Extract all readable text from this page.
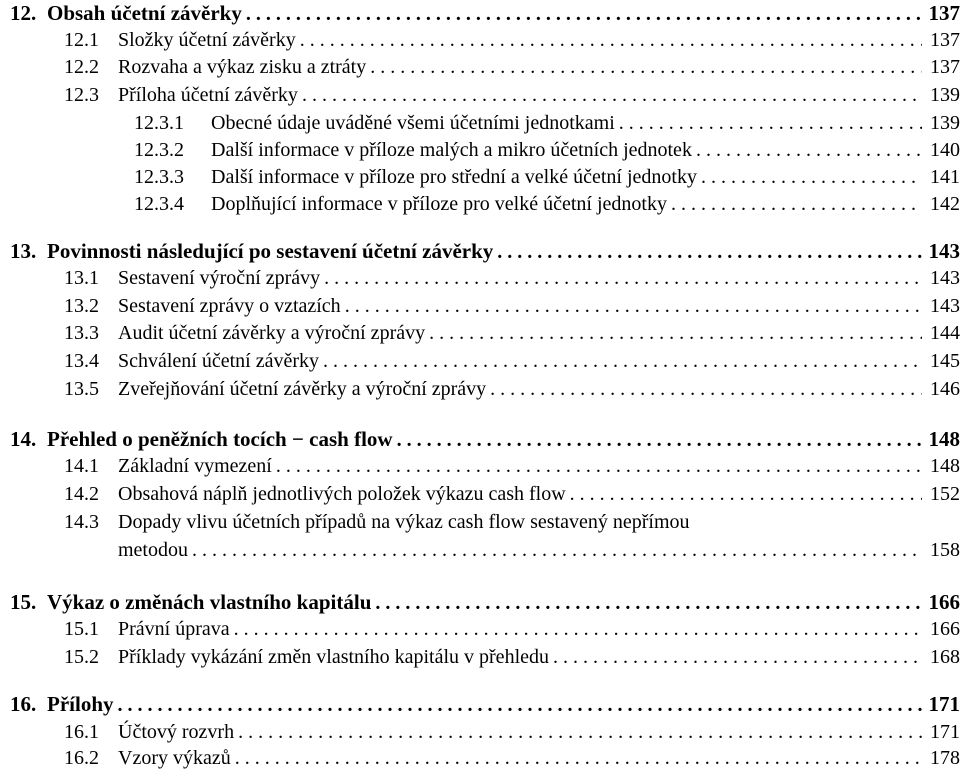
12. Obsah účetní závěrky . . .	137
12.1 Složky účetní závěrky . . .	137
12.2 Rozvaha a výkaz zisku a ztráty . . .	137
12.3 Příloha účetní závěrky . . .	139
12.3.1	Obecné údaje uváděné všemi účetními jednotkami . . .	139
12.3.2	Další informace v příloze malých a mikro účetních jednotek . . .	140
12.3.3	Další informace v příloze pro střední a velké účetní jednotky . . .	141
12.3.4	Doplňující informace v příloze pro velké účetní jednotky . . .	142
13. Povinnosti následující po sestavení účetní závěrky . . .	143
13.1 Sestavení výroční zprávy . . .	143
13.2 Sestavení zprávy o vztazích . . .	143
13.3 Audit účetní závěrky a výroční zprávy . . .	144
13.4 Schválení účetní závěrky . . .	145
13.5 Zveřejňování účetní závěrky a výroční zprávy . . .	146
14. Přehled o peněžních tocích − cash flow . . .	148
14.1 Základní vymezení . . .	148
14.2 Obsahová náplň jednotlivých položek výkazu cash flow . . .	152
14.3 Dopady vlivu účetních případů na výkaz cash flow sestavený nepřímou
metodou . . .	158
15. Výkaz o změnách vlastního kapitálu . . .	166
15.1 Právní úprava . . .	166
15.2 Příklady vykázání změn vlastního kapitálu v přehledu . . .	168
16. Přílohy . . .	171
16.1 Účtový rozvrh . . .	171
16.2 Vzory výkazů . . .	178
